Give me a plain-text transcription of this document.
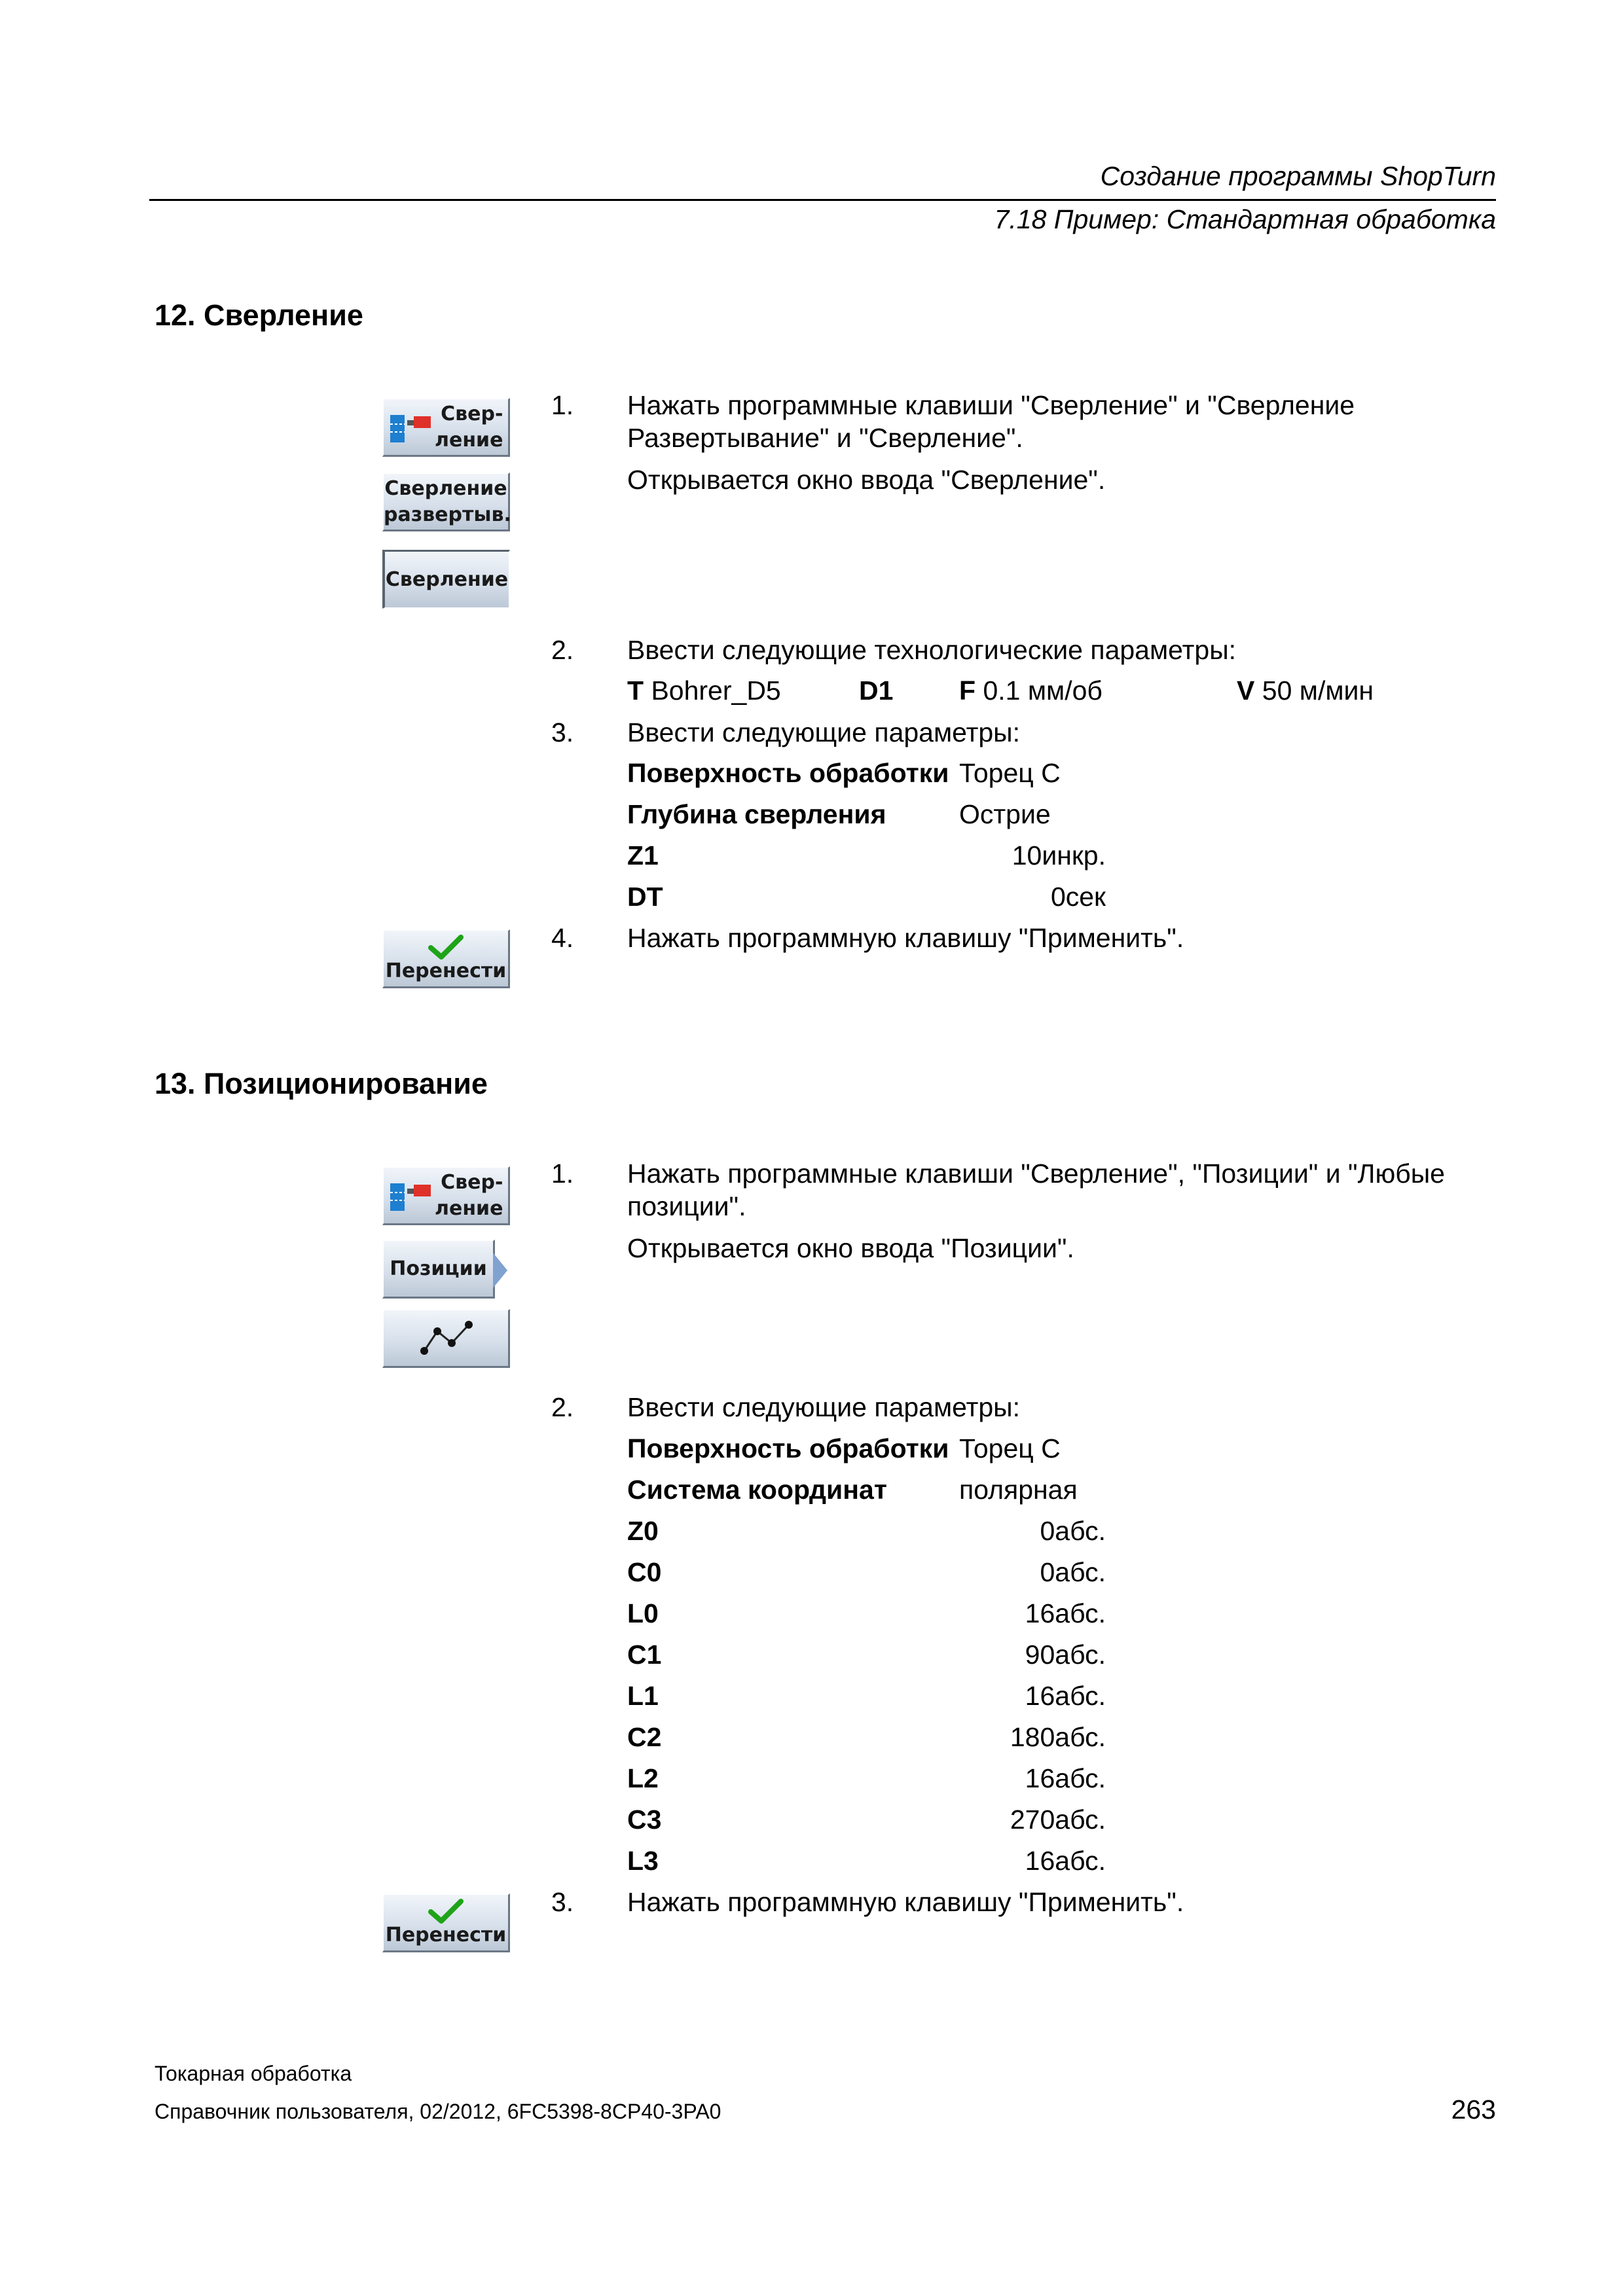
Создание программы ShopTurn
7.18 Пример: Стандартная обработка
12. Сверление
Свер-
ление
Сверление
развертыв.
Сверление
1. Нажать программные клавиши "Сверление" и "Сверление Развертывание" и "Сверление".
Открывается окно ввода "Сверление".
2. Ввести следующие технологические параметры:
T Bohrer_D5	D1 F 0.1 мм/об	V 50 м/мин
3. Ввести следующие параметры:
Поверхность обработки Торец С
Глубина сверления	Острие
Z1	10инкр.
DT	0сек
Перенести
4. Нажать программную клавишу "Применить".
13. Позиционирование
Свер-
ление
Позиции
1. Нажать программные клавиши "Сверление", "Позиции" и "Любые позиции".
Открывается окно ввода "Позиции".
2. Ввести следующие параметры:
Поверхность обработки Торец С
Система координат	полярная
Z0	0абс.
C0	0абс.
L0	16абс.
C1	90абс.
L1	16абс.
C2	180абс.
L2	16абс.
C3	270абс.
L3	16абс.
Перенести
3. Нажать программную клавишу "Применить".
Токарная обработка
Справочник пользователя, 02/2012, 6FC5398-8CP40-3PA0	263
